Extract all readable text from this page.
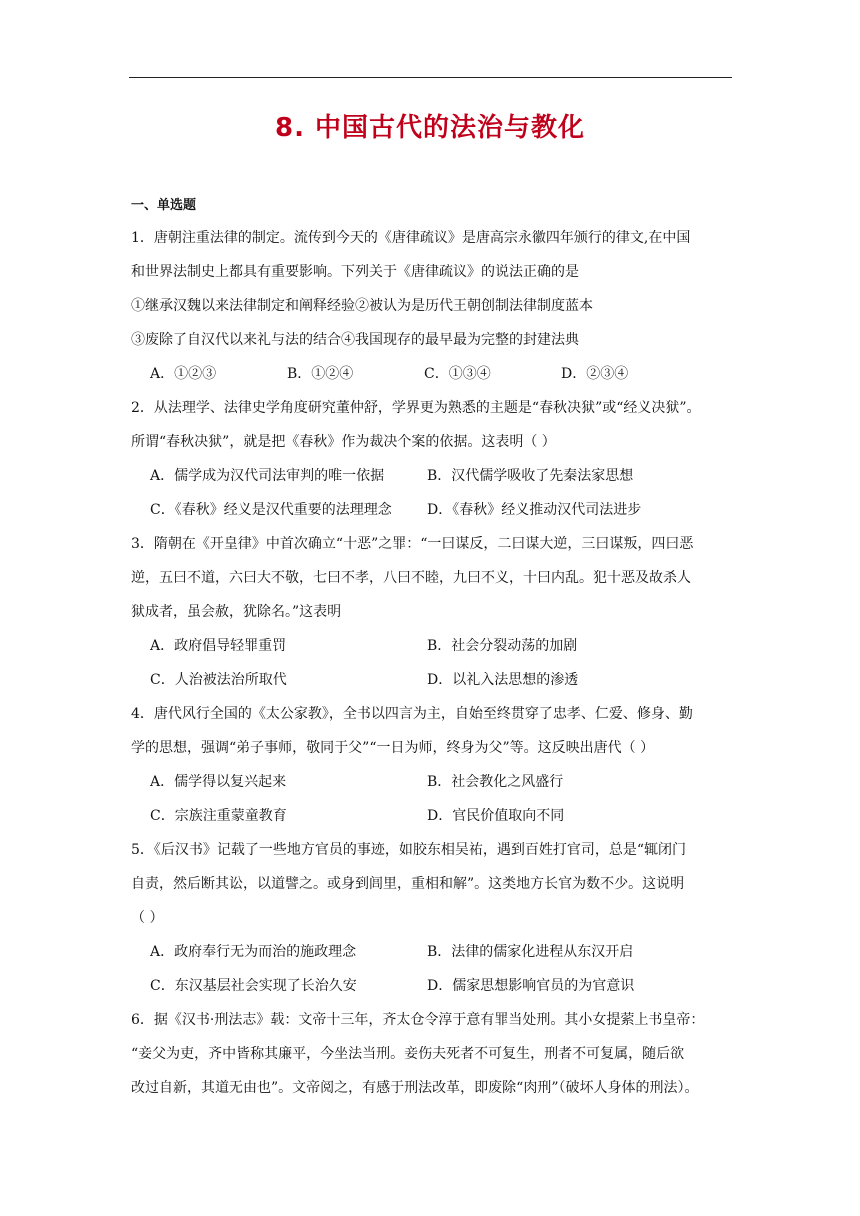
8. 中国古代的法治与教化
一、单选题
1．唐朝注重法律的制定。流传到今天的《唐律疏议》是唐高宗永徽四年颁行的律文,在中国
和世界法制史上都具有重要影响。下列关于《唐律疏议》的说法正确的是
①继承汉魏以来法律制定和阐释经验②被认为是历代王朝创制法律制度蓝本
③废除了自汉代以来礼与法的结合④我国现存的最早最为完整的封建法典
A．①②③	B．①②④	C．①③④	D．②③④
2．从法理学、法律史学角度研究董仲舒，学界更为熟悉的主题是“春秋决狱”或“经义决狱”。
所谓“春秋决狱”，就是把《春秋》作为裁决个案的依据。这表明（ ）
A．儒学成为汉代司法审判的唯一依据	B．汉代儒学吸收了先秦法家思想
C．《春秋》经义是汉代重要的法理理念	D．《春秋》经义推动汉代司法进步
3．隋朝在《开皇律》中首次确立“十恶”之罪：“一曰谋反，二曰谋大逆，三曰谋叛，四曰恶
逆，五曰不道，六曰大不敬，七曰不孝，八曰不睦，九曰不义，十曰内乱。犯十恶及故杀人
狱成者，虽会赦，犹除名。”这表明
A．政府倡导轻罪重罚	B．社会分裂动荡的加剧
C．人治被法治所取代	D．以礼入法思想的渗透
4．唐代风行全国的《太公家教》，全书以四言为主，自始至终贯穿了忠孝、仁爱、修身、勤
学的思想，强调“弟子事师，敬同于父”“一日为师，终身为父”等。这反映出唐代（ ）
A．儒学得以复兴起来	B．社会教化之风盛行
C．宗族注重蒙童教育	D．官民价值取向不同
5．《后汉书》记载了一些地方官员的事迹，如胶东相吴祐，遇到百姓打官司，总是“辄闭门
自责，然后断其讼，以道譬之。或身到闾里，重相和解”。这类地方长官为数不少。这说明
（ ）
A．政府奉行无为而治的施政理念	B．法律的儒家化进程从东汉开启
C．东汉基层社会实现了长治久安	D．儒家思想影响官员的为官意识
6．据《汉书·刑法志》载：文帝十三年，齐太仓令淳于意有罪当处刑。其小女提萦上书皇帝：
“妾父为吏，齐中皆称其廉平，今坐法当刑。妾伤夫死者不可复生，刑者不可复属，随后欲
改过自新，其道无由也”。文帝阅之，有感于刑法改革，即废除“肉刑”（破坏人身体的刑法）。
